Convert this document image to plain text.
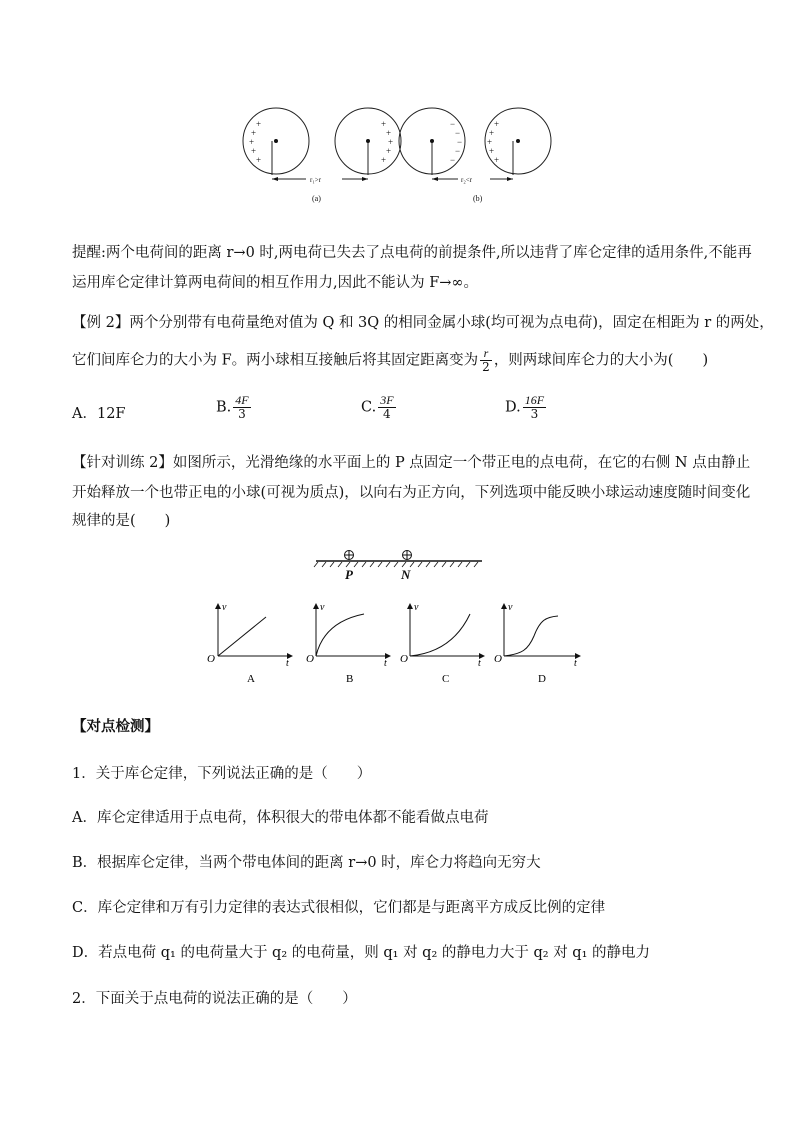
+
+
+
+
+
+
+
+
+
+
−
−
−
−
−
+
+
+
+
+
r₁>r	r₂<r
(a)	(b)
提醒:两个电荷间的距离 r→0 时,两电荷已失去了点电荷的前提条件,所以违背了库仑定律的适用条件,不能再
运用库仑定律计算两电荷间的相互作用力,因此不能认为 F→∞。
【例 2】两个分别带有电荷量绝对值为 Q 和 3Q 的相同金属小球(均可视为点电荷)，固定在相距为 r 的两处，
它们间库仑力的大小为 F。两小球相互接触后将其固定距离变为 $\frac{r}{2}$ ，则两球间库仑力的大小为(　　)
A．12F	B. $\frac{4F}{3}$	C. $\frac{3F}{4}$	D. $\frac{16F}{3}$
【针对训练 2】如图所示，光滑绝缘的水平面上的 P 点固定一个带正电的点电荷，在它的右侧 N 点由静止
开始释放一个也带正电的小球(可视为质点)，以向右为正方向，下列选项中能反映小球运动速度随时间变化
规律的是(　　)
P	N
v
t
O
A
v
t
O
B
v
t
O
C
v
t
O
D
【对点检测】
1．关于库仑定律，下列说法正确的是（　　）
A．库仑定律适用于点电荷，体积很大的带电体都不能看做点电荷
B．根据库仑定律，当两个带电体间的距离 r→0 时，库仑力将趋向无穷大
C．库仑定律和万有引力定律的表达式很相似，它们都是与距离平方成反比例的定律
D．若点电荷 q₁ 的电荷量大于 q₂ 的电荷量，则 q₁ 对 q₂ 的静电力大于 q₂ 对 q₁ 的静电力
2．下面关于点电荷的说法正确的是（　　）
